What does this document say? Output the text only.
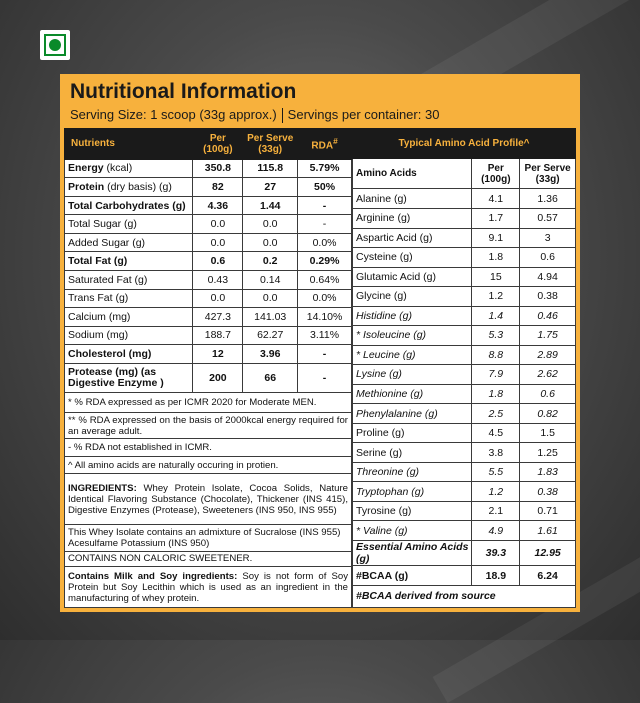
Nutritional Information
Serving Size: 1 scoop (33g approx.) Servings per container: 30
Nutrients	Per (100g)	Per Serve (33g)	RDA#
Energy (kcal)	350.8	115.8	5.79%
Protein (dry basis) (g)	82	27	50%
Total Carbohydrates (g)	4.36	1.44	-
Total Sugar (g)	0.0	0.0	-
Added Sugar (g)	0.0	0.0	0.0%
Total Fat (g)	0.6	0.2	0.29%
Saturated Fat (g)	0.43	0.14	0.64%
Trans Fat (g)	0.0	0.0	0.0%
Calcium (mg)	427.3	141.03	14.10%
Sodium (mg)	188.7	62.27	3.11%
Cholesterol (mg)	12	3.96	-
Protease (mg) (as Digestive Enzyme )	200	66	-
* % RDA expressed as per ICMR 2020 for Moderate MEN.			
** % RDA expressed on the basis of 2000kcal energy required for an average adult.			
- % RDA not established in ICMR.			
^ All amino acids are naturally occuring in protien.			
INGREDIENTS: Whey Protein Isolate, Cocoa Solids, Nature Identical Flavoring Substance (Chocolate), Thickener (INS 415), Digestive Enzymes (Protease), Sweeteners (INS 950, INS 955)			
This Whey Isolate contains an admixture of Sucralose (INS 955) Acesulfame Potassium (INS 950)			
CONTAINS NON CALORIC SWEETENER.			
Contains Milk and Soy ingredients: Soy is not form of Soy Protein but Soy Lecithin which is used as an ingredient in the manufacturing of whey protein.			
Typical Amino Acid Profile^		
Amino Acids	Per (100g)	Per Serve (33g)
Alanine (g)	4.1	1.36
Arginine (g)	1.7	0.57
Aspartic Acid (g)	9.1	3
Cysteine (g)	1.8	0.6
Glutamic Acid (g)	15	4.94
Glycine (g)	1.2	0.38
Histidine (g)	1.4	0.46
* Isoleucine (g)	5.3	1.75
* Leucine (g)	8.8	2.89
Lysine (g)	7.9	2.62
Methionine (g)	1.8	0.6
Phenylalanine (g)	2.5	0.82
Proline (g)	4.5	1.5
Serine (g)	3.8	1.25
Threonine (g)	5.5	1.83
Tryptophan (g)	1.2	0.38
Tyrosine (g)	2.1	0.71
* Valine (g)	4.9	1.61
Essential Amino Acids (g)	39.3	12.95
#BCAA (g)	18.9	6.24
#BCAA derived from source		
